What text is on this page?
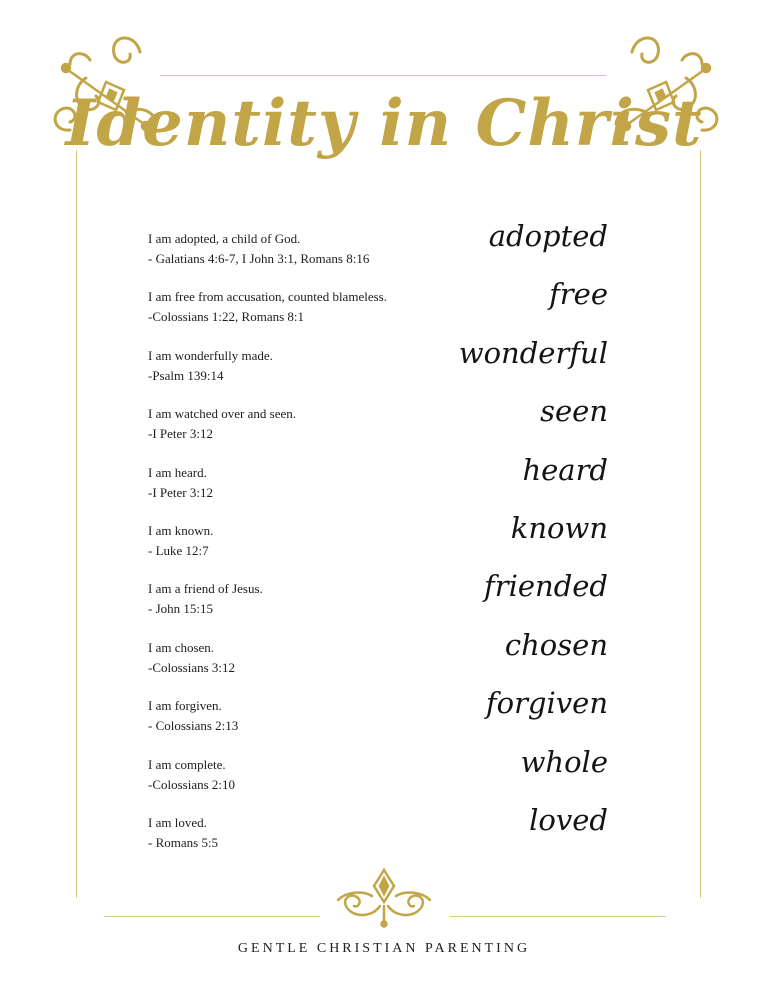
Identity in Christ
I am adopted, a child of God.
- Galatians 4:6-7, I John 3:1, Romans 8:16
adopted
I am free from accusation, counted blameless.
-Colossians 1:22, Romans 8:1
free
I am wonderfully made.
-Psalm 139:14
wonderful
I am watched over and seen.
-I Peter 3:12
seen
I am heard.
-I Peter 3:12
heard
I am known.
- Luke 12:7
known
I am a friend of Jesus.
- John 15:15
friended
I am chosen.
-Colossians 3:12
chosen
I am forgiven.
- Colossians 2:13
forgiven
I am complete.
-Colossians 2:10
whole
I am loved.
- Romans 5:5
loved
GENTLE CHRISTIAN PARENTING
